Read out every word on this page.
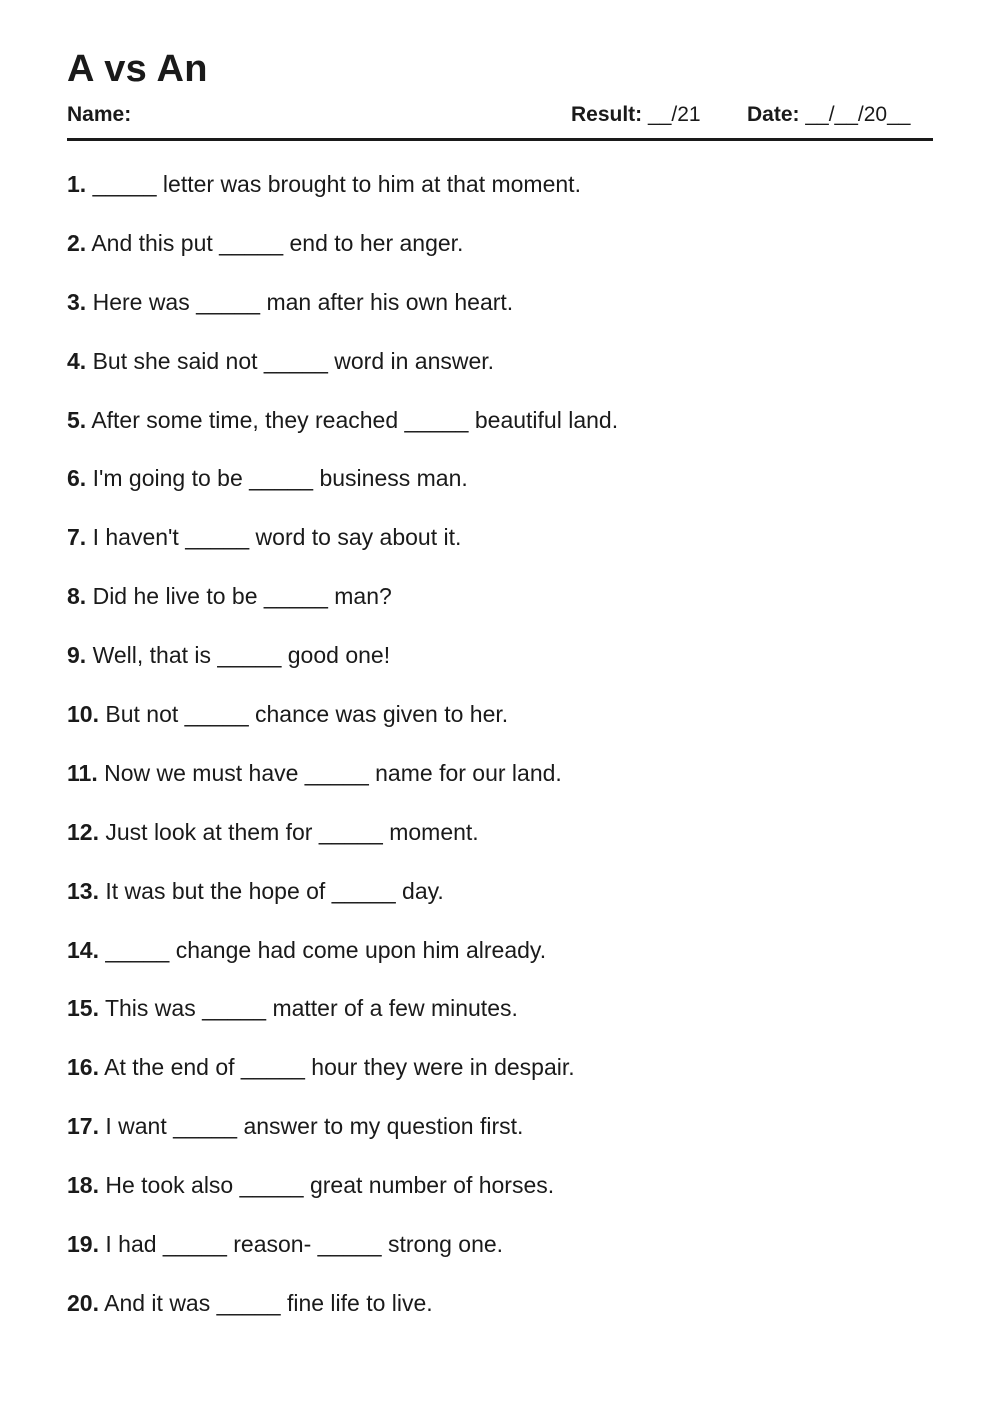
A vs An
Name:	Result: __/21 Date: __/__/20__
1. _____ letter was brought to him at that moment.
2. And this put _____ end to her anger.
3. Here was _____ man after his own heart.
4. But she said not _____ word in answer.
5. After some time, they reached _____ beautiful land.
6. I'm going to be _____ business man.
7. I haven't _____ word to say about it.
8. Did he live to be _____ man?
9. Well, that is _____ good one!
10. But not _____ chance was given to her.
11. Now we must have _____ name for our land.
12. Just look at them for _____ moment.
13. It was but the hope of _____ day.
14. _____ change had come upon him already.
15. This was _____ matter of a few minutes.
16. At the end of _____ hour they were in despair.
17. I want _____ answer to my question first.
18. He took also _____ great number of horses.
19. I had _____ reason- _____ strong one.
20. And it was _____ fine life to live.
